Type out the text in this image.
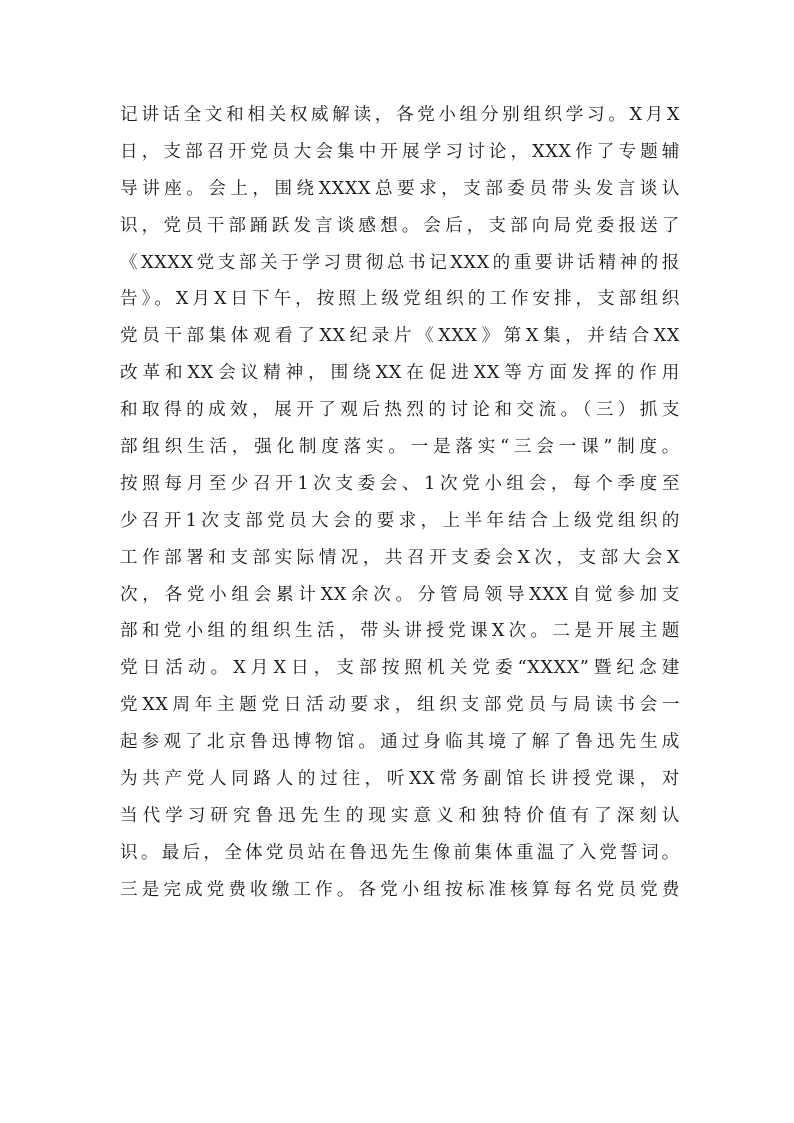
记讲话全文和相关权威解读，各党小组分别组织学习。X月X
日，支部召开党员大会集中开展学习讨论，XXX作了专题辅
导讲座。会上，围绕XXXX总要求，支部委员带头发言谈认
识，党员干部踊跃发言谈感想。会后，支部向局党委报送了
《XXXX党支部关于学习贯彻总书记XXX的重要讲话精神的报
告》。X月X日下午，按照上级党组织的工作安排，支部组织
党员干部集体观看了XX纪录片《XXX》第X集，并结合XX
改革和XX会议精神，围绕XX在促进XX等方面发挥的作用
和取得的成效，展开了观后热烈的讨论和交流。（三）抓支
部组织生活，强化制度落实。一是落实“三会一课”制度。
按照每月至少召开1次支委会、1次党小组会，每个季度至
少召开1次支部党员大会的要求，上半年结合上级党组织的
工作部署和支部实际情况，共召开支委会X次，支部大会X
次，各党小组会累计XX余次。分管局领导XXX自觉参加支
部和党小组的组织生活，带头讲授党课X次。二是开展主题
党日活动。X月X日，支部按照机关党委“XXXX”暨纪念建
党XX周年主题党日活动要求，组织支部党员与局读书会一
起参观了北京鲁迅博物馆。通过身临其境了解了鲁迅先生成
为共产党人同路人的过往，听XX常务副馆长讲授党课，对
当代学习研究鲁迅先生的现实意义和独特价值有了深刻认
识。最后，全体党员站在鲁迅先生像前集体重温了入党誓词。
三是完成党费收缴工作。各党小组按标准核算每名党员党费
